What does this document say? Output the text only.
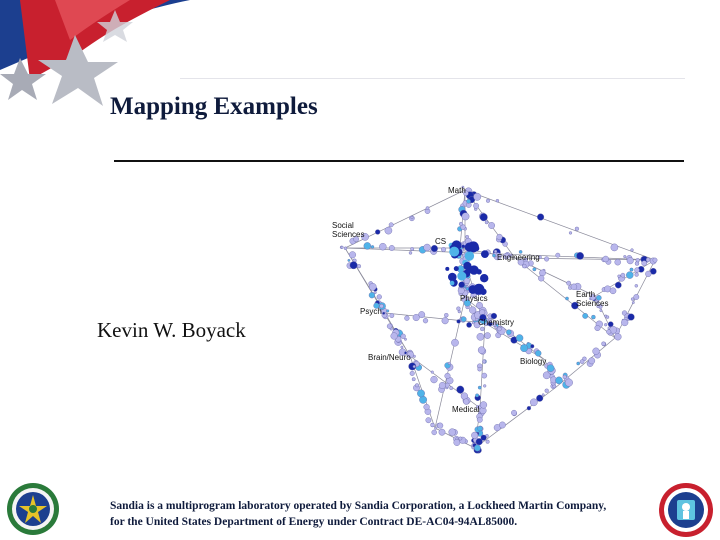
Mapping Examples
Kevin W. Boyack
Math
Social
Sciences
CS
Engineering
Physics	Earth
Sciences
Psych
Chemistry
Brain/Neuro	Biology
Medical
Sandia is a multiprogram laboratory operated by Sandia Corporation, a Lockheed Martin Company,
for the United States Department of Energy under Contract DE-AC04-94AL85000.
